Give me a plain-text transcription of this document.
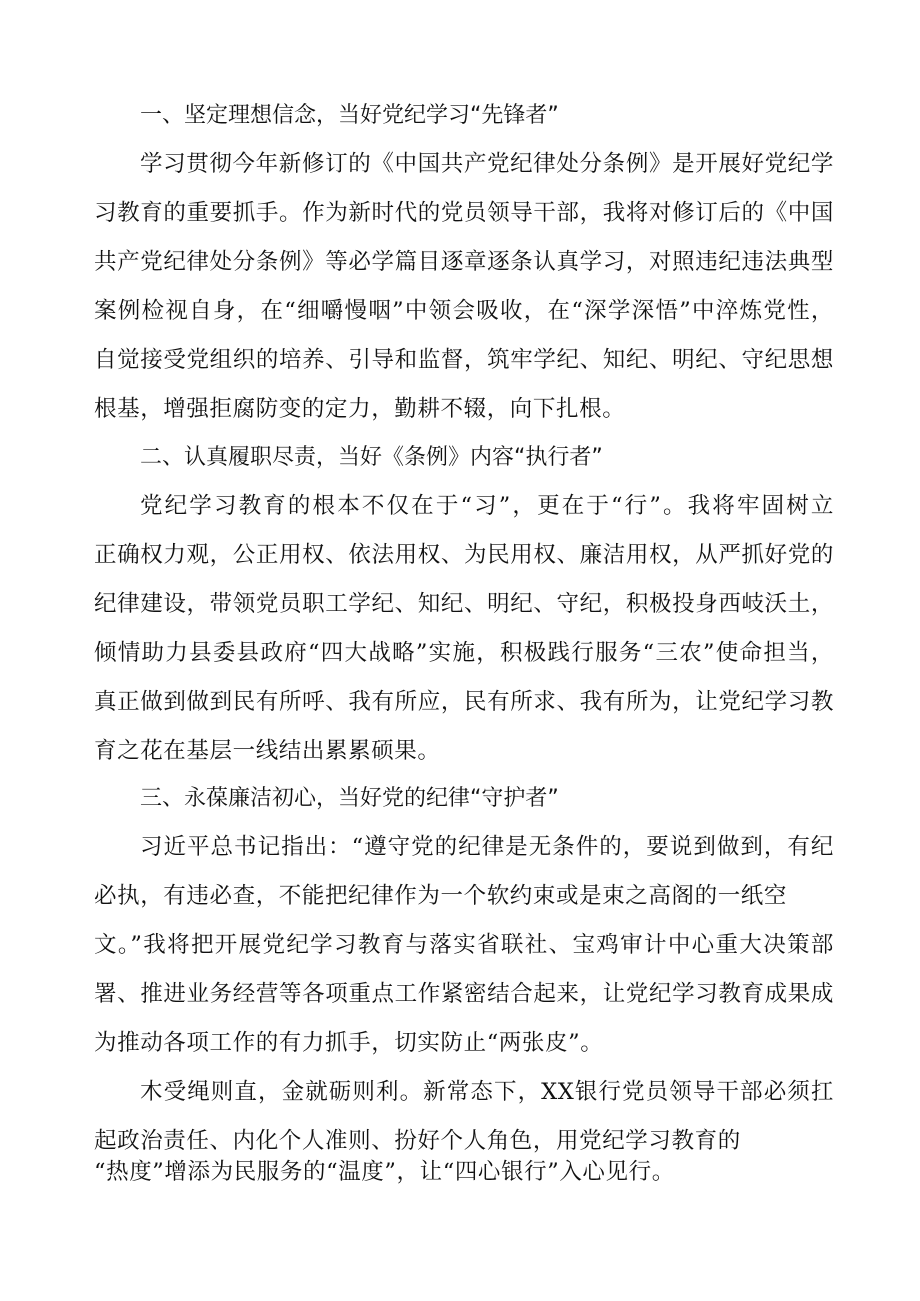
一、坚定理想信念，当好党纪学习“先锋者”
学习贯彻今年新修订的《中国共产党纪律处分条例》是开展好党纪学
习教育的重要抓手。作为新时代的党员领导干部，我将对修订后的《中国
共产党纪律处分条例》等必学篇目逐章逐条认真学习，对照违纪违法典型
案例检视自身，在“细嚼慢咽”中领会吸收，在“深学深悟”中淬炼党性，
自觉接受党组织的培养、引导和监督，筑牢学纪、知纪、明纪、守纪思想
根基，增强拒腐防变的定力，勤耕不辍，向下扎根。
二、认真履职尽责，当好《条例》内容“执行者”
党纪学习教育的根本不仅在于“习”，更在于“行”。我将牢固树立
正确权力观，公正用权、依法用权、为民用权、廉洁用权，从严抓好党的
纪律建设，带领党员职工学纪、知纪、明纪、守纪，积极投身西岐沃土，
倾情助力县委县政府“四大战略”实施，积极践行服务“三农”使命担当，
真正做到做到民有所呼、我有所应，民有所求、我有所为，让党纪学习教
育之花在基层一线结出累累硕果。
三、永葆廉洁初心，当好党的纪律“守护者”
习近平总书记指出：“遵守党的纪律是无条件的，要说到做到，有纪
必执，有违必查，不能把纪律作为一个软约束或是束之高阁的一纸空
文。”我将把开展党纪学习教育与落实省联社、宝鸡审计中心重大决策部
署、推进业务经营等各项重点工作紧密结合起来，让党纪学习教育成果成
为推动各项工作的有力抓手，切实防止“两张皮”。
木受绳则直，金就砺则利。新常态下，XX银行党员领导干部必须扛
起政治责任、内化个人准则、扮好个人角色，用党纪学习教育的
“热度”增添为民服务的“温度”，让“四心银行”入心见行。
